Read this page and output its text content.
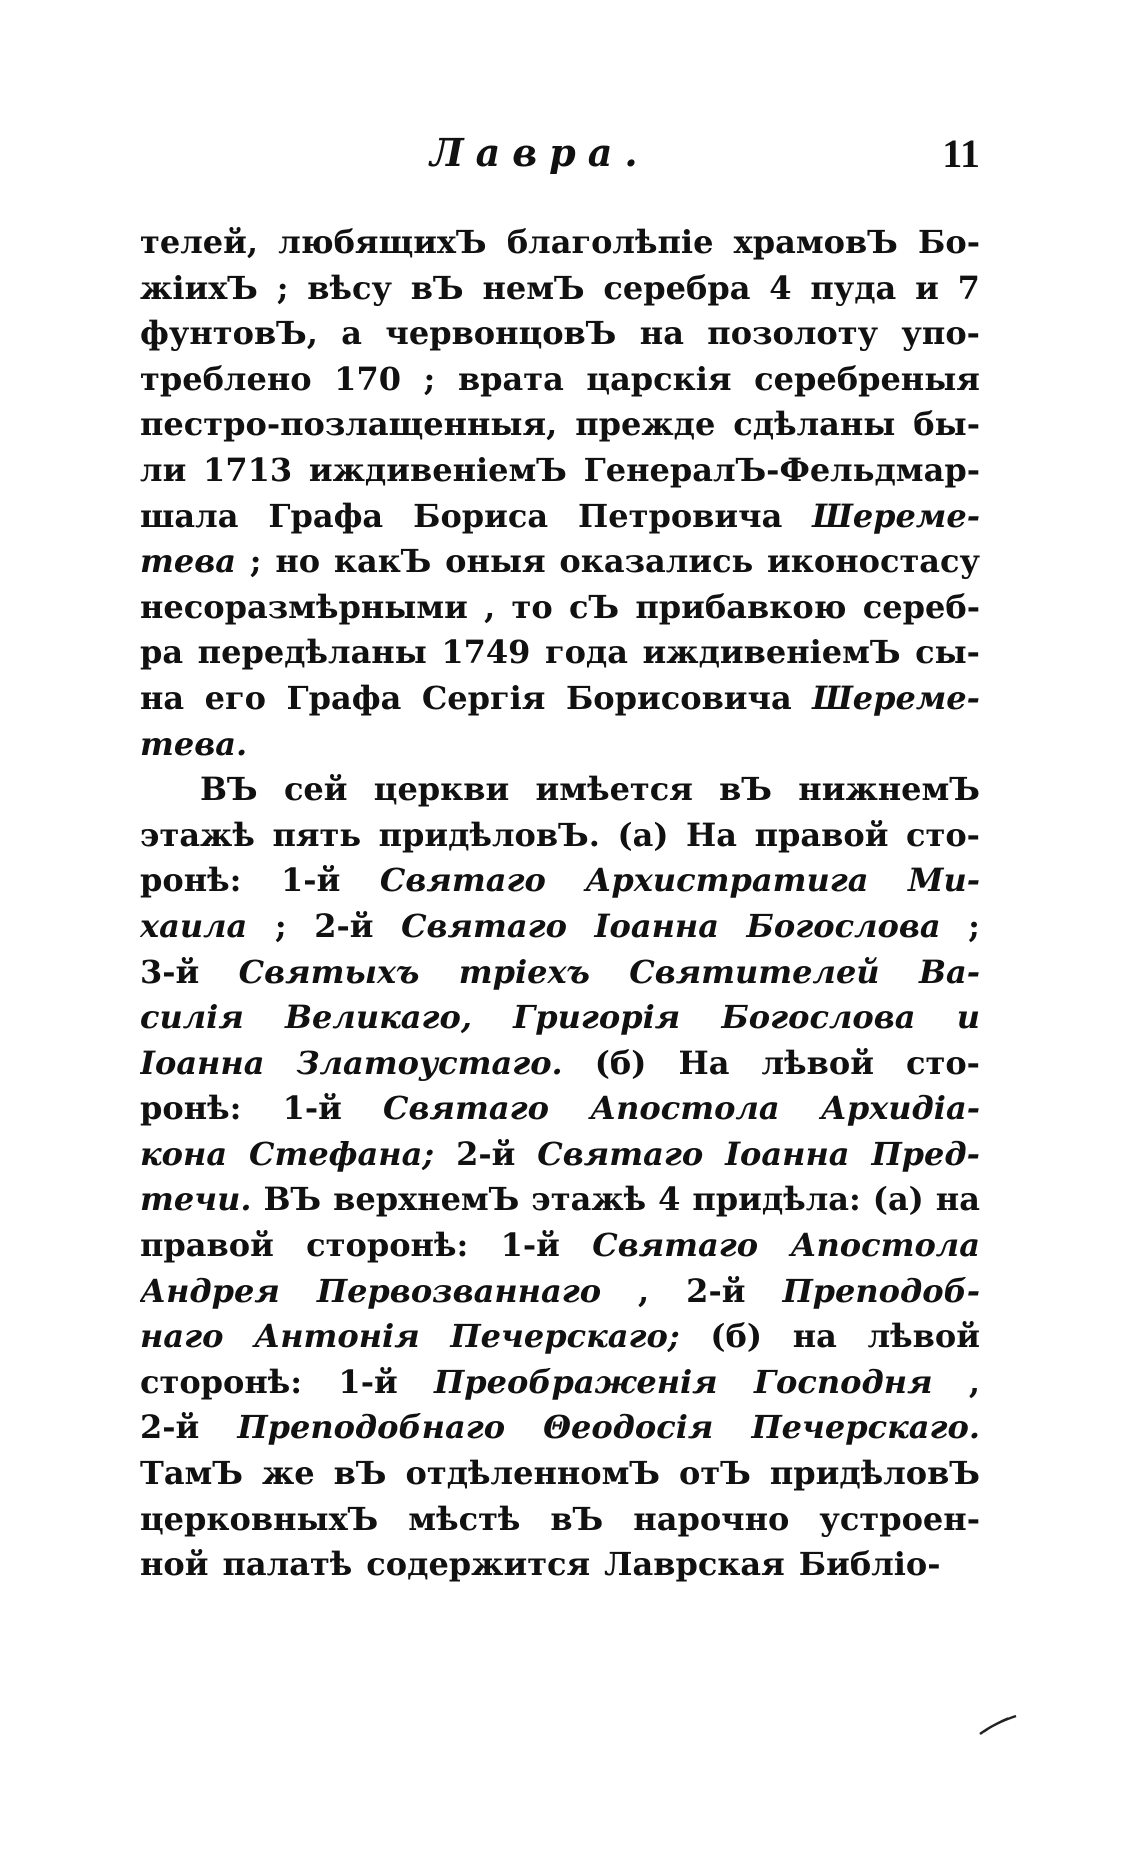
Лавра.	11
телей, любящихЪ благолѣпіе храмовЪ Бо-
жіихЪ ; вѣсу вЪ немЪ серебра 4 пуда и 7
фунтовЪ, а червонцовЪ на позолоту упо-
треблено 170 ; врата царскія серебреныя
пестро-позлащенныя, прежде сдѣланы бы-
ли 1713 иждивеніемЪ ГенералЪ-Фельдмар-
шала Графа Бориса Петровича Шереме-
тева ; но какЪ оныя оказались иконостасу
несоразмѣрными , то сЪ прибавкою сереб-
ра передѣланы 1749 года иждивеніемЪ сы-
на его Графа Сергія Борисовича Шереме-
тева.
ВЪ сей церкви имѣется вЪ нижнемЪ
этажѣ пять придѣловЪ. (а) На правой сто-
ронѣ: 1-й Святаго Архистратига Ми-
хаила ; 2-й Святаго Іоанна Богослова ;
3-й Святыхъ тріехъ Святителей Ва-
силія Великаго, Григорія Богослова и
Іоанна Златоустаго. (б) На лѣвой сто-
ронѣ: 1-й Святаго Апостола Архидіа-
кона Стефана; 2-й Святаго Іоанна Пред-
течи. ВЪ верхнемЪ этажѣ 4 придѣла: (а) на
правой сторонѣ: 1-й Святаго Апостола
Андрея Первозваннаго , 2-й Преподоб-
наго Антонія Печерскаго; (б) на лѣвой
сторонѣ: 1-й Преображенія Господня ,
2-й Преподобнаго Θеодосія Печерскаго.
ТамЪ же вЪ отдѣленномЪ отЪ придѣловЪ
церковныхЪ мѣстѣ вЪ нарочно устроен-
ной палатѣ содержится Лаврская Библіо-
